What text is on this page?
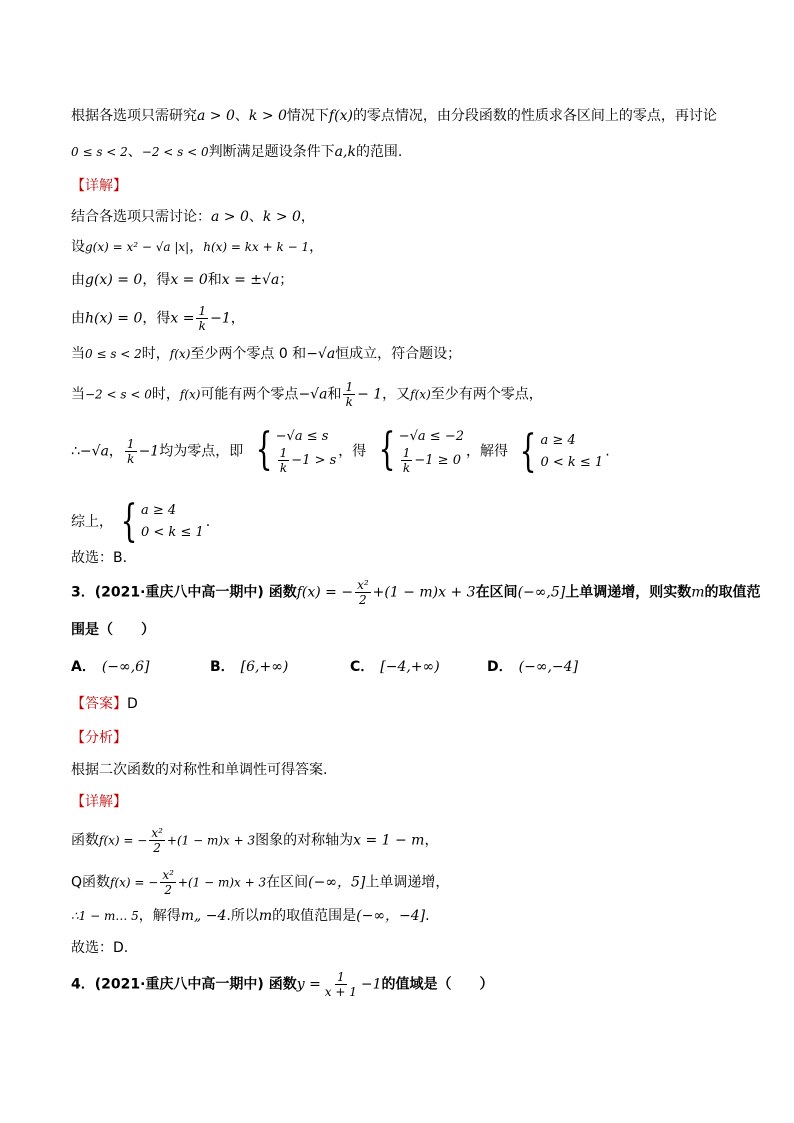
根据各选项只需研究a > 0、k > 0情况下f(x)的零点情况，由分段函数的性质求各区间上的零点，再讨论
0 ≤ s < 2、−2 < s < 0判断满足题设条件下a,k的范围.
【详解】
结合各选项只需讨论：a > 0、k > 0，
设g(x) = x² − √a |x|，h(x) = kx + k − 1，
由g(x) = 0，得x = 0和x = ±√a；
由h(x) = 0，得$x = \frac{1}{k} -1$，
当0 ≤ s < 2时，f(x)至少两个零点 0 和−√a恒成立，符合题设；
当−2 < s < 0时，f(x)可能有两个零点−√a和 $\frac{1}{k} - 1$，又f(x)至少有两个零点，
∴−√a， $\frac{1}{k} -1$均为零点，即 { −√a ≤ s
$\frac{1}{k} -1 > s$
，得 { −√a ≤ −2
$\frac{1}{k} -1 \ge 0$
，解得 { a ≥ 4
0 < k ≤ 1
.
综上， { a ≥ 4
0 < k ≤ 1
.
故选：B.
3．(2021·重庆八中高一期中) 函数f(x) = − $\frac{\text{x²}}{2} +(1 - m)x + 3$在区间(−∞,5]上单调递增，则实数m的取值范
围是（　　）
A． (−∞,6]	B． [6,+∞)	C． [−4,+∞)	D． (−∞,−4]
【答案】D
【分析】
根据二次函数的对称性和单调性可得答案.
【详解】
函数f(x) = − $\frac{\text{x²}}{2} +(1 - m)x + 3$图象的对称轴为x = 1 − m，
Q函数f(x) = − $\frac{\text{x²}}{2} +(1 - m)x + 3$在区间(−∞，5]上单调递增，
∴1 − m… 5，解得m„ −4.所以m的取值范围是(−∞，−4].
故选：D.
4．(2021·重庆八中高一期中) 函数$y = \frac{1}{x + 1} -1$的值域是（　　）
